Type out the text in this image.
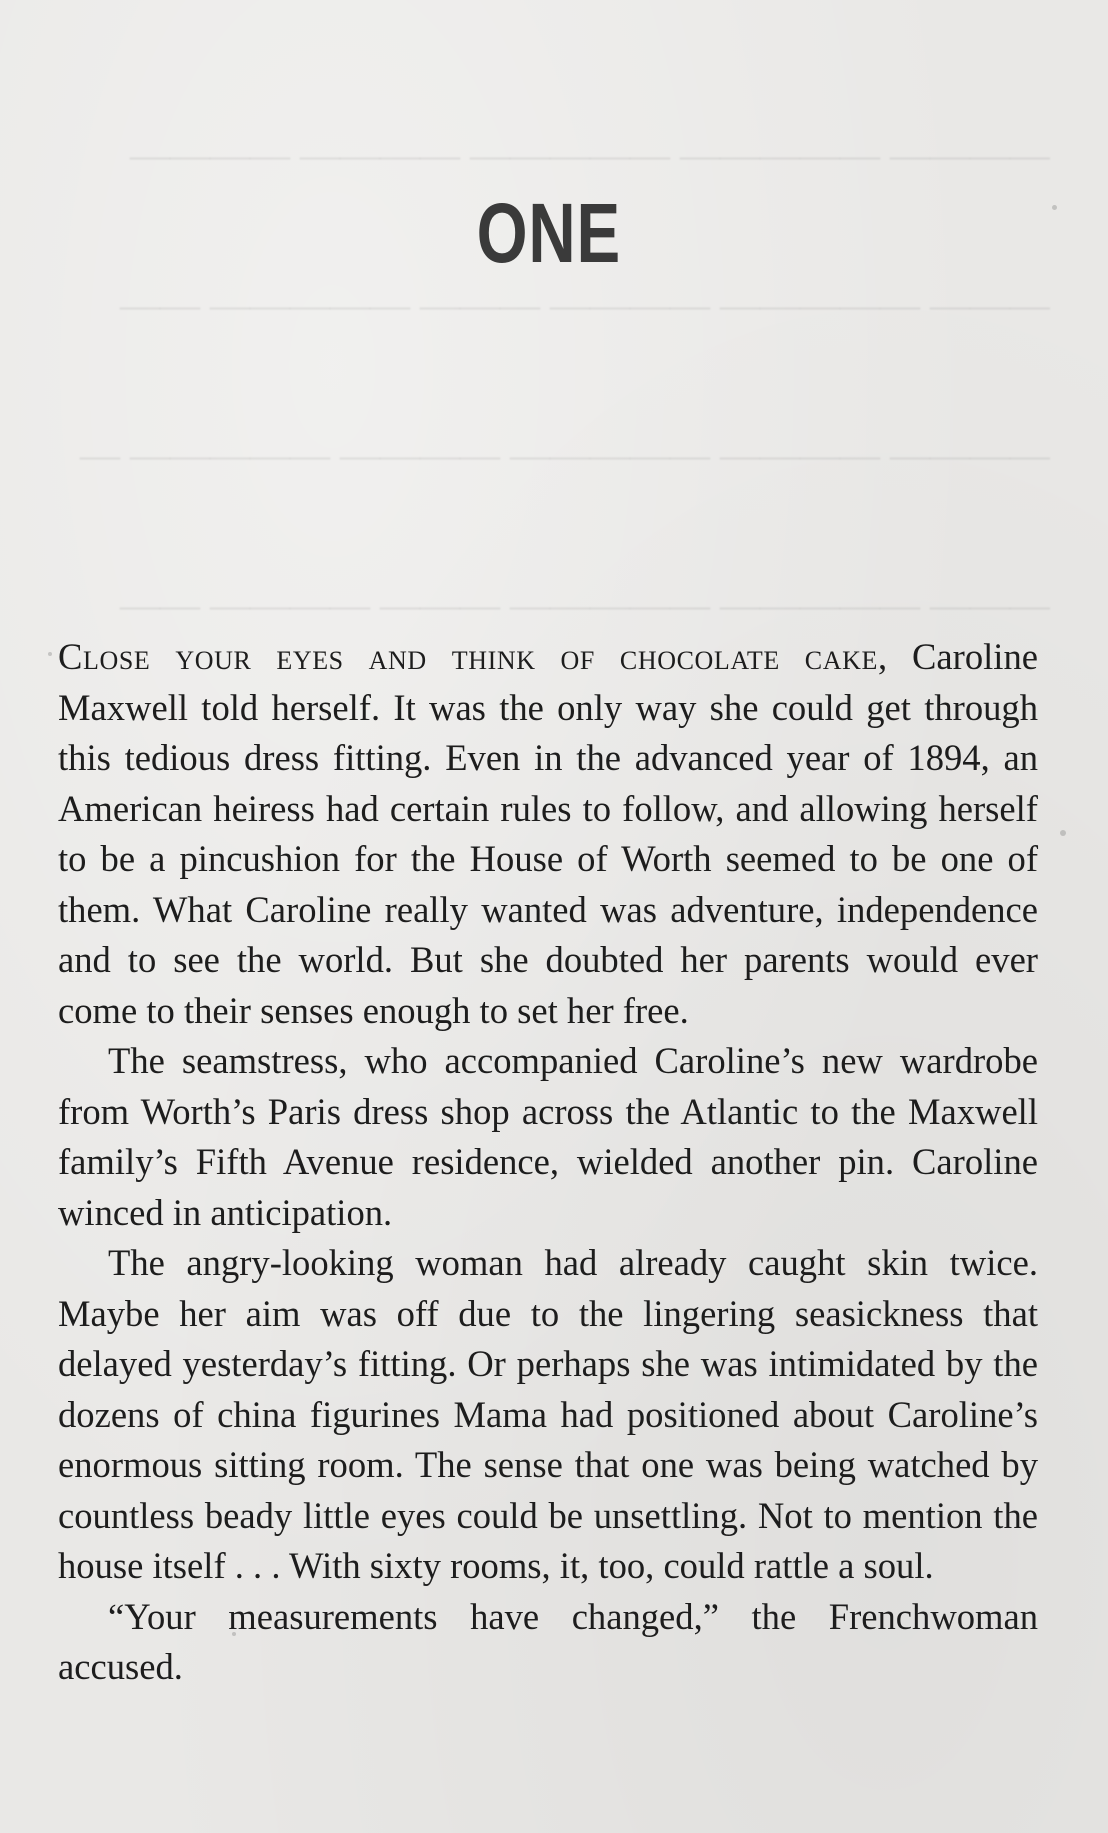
———— ————— ————— ———— ————

——— ————— ———— ——— ————— ——

———— ———— ————— ———— ————— —

——— ————— ————— ——— ———— ——

ONE

Close your eyes and think of chocolate cake, Caroline Maxwell told herself. It was the only way she could get through this tedious dress fitting. Even in the advanced year of 1894, an American heiress had certain rules to follow, and allowing herself to be a pincushion for the House of Worth seemed to be one of them. What Caroline really wanted was adventure, independence and to see the world. But she doubted her parents would ever come to their senses enough to set her free.

The seamstress, who accompanied Caroline’s new wardrobe from Worth’s Paris dress shop across the Atlantic to the Maxwell family’s Fifth Avenue residence, wielded another pin. Caroline winced in anticipation.

The angry-looking woman had already caught skin twice. Maybe her aim was off due to the lingering seasickness that delayed yesterday’s fitting. Or perhaps she was intimidated by the dozens of china figurines Mama had positioned about Caroline’s enormous sitting room. The sense that one was being watched by countless beady little eyes could be unsettling. Not to mention the house itself . . . With sixty rooms, it, too, could rattle a soul.

“Your measurements have changed,” the Frenchwoman accused.
